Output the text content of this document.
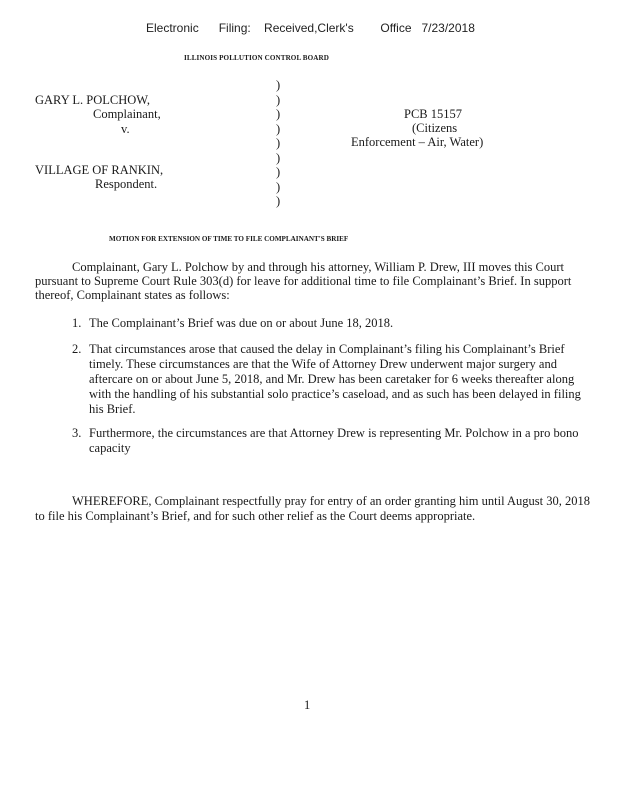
Electronic      Filing:    Received,Clerk's        Office   7/23/2018
ILLINOIS POLLUTION CONTROL BOARD
GARY L. POLCHOW,
Complainant,
v.
VILLAGE OF RANKIN,
Respondent.
)
)
)
)
)
)
)
)
)
PCB 15157
(Citizens
Enforcement – Air, Water)
MOTION FOR EXTENSION OF TIME TO FILE COMPLAINANT'S BRIEF
Complainant, Gary L. Polchow by and through his attorney, William P. Drew, III moves this Court
pursuant to Supreme Court Rule 303(d) for leave for additional time to file Complainant’s Brief. In support
thereof, Complainant states as follows:
1. The Complainant’s Brief was due on or about June 18, 2018.
2. That circumstances arose that caused the delay in Complainant’s filing his Complainant’s Brief
timely. These circumstances are that the Wife of Attorney Drew underwent major surgery and
aftercare on or about June 5, 2018, and Mr. Drew has been caretaker for 6 weeks thereafter along
with the handling of his substantial solo practice’s caseload, and as such has been delayed in filing
his Brief.
3. Furthermore, the circumstances are that Attorney Drew is representing Mr. Polchow in a pro bono
capacity
WHEREFORE, Complainant respectfully pray for entry of an order granting him until August 30, 2018
to file his Complainant’s Brief, and for such other relief as the Court deems appropriate.
1
